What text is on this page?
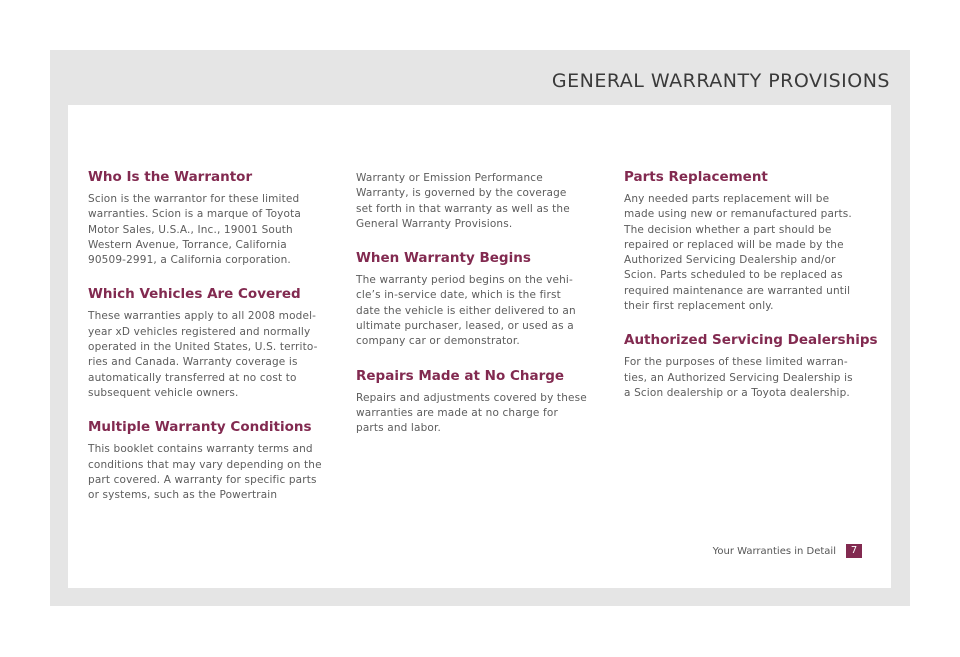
GENERAL WARRANTY PROVISIONS
Who Is the Warrantor

Scion is the warrantor for these limited
warranties. Scion is a marque of Toyota
Motor Sales, U.S.A., Inc., 19001 South
Western Avenue, Torrance, California
90509-2991, a California corporation.

Which Vehicles Are Covered

These warranties apply to all 2008 model-
year xD vehicles registered and normally
operated in the United States, U.S. territo-
ries and Canada. Warranty coverage is
automatically transferred at no cost to
subsequent vehicle owners.

Multiple Warranty Conditions

This booklet contains warranty terms and
conditions that may vary depending on the
part covered. A warranty for specific parts
or systems, such as the Powertrain

Warranty or Emission Performance
Warranty, is governed by the coverage
set forth in that warranty as well as the
General Warranty Provisions.

When Warranty Begins

The warranty period begins on the vehi-
cle’s in-service date, which is the first
date the vehicle is either delivered to an
ultimate purchaser, leased, or used as a
company car or demonstrator.

Repairs Made at No Charge

Repairs and adjustments covered by these
warranties are made at no charge for
parts and labor.

Parts Replacement

Any needed parts replacement will be
made using new or remanufactured parts.
The decision whether a part should be
repaired or replaced will be made by the
Authorized Servicing Dealership and/or
Scion. Parts scheduled to be replaced as
required maintenance are warranted until
their first replacement only.

Authorized Servicing Dealerships

For the purposes of these limited warran-
ties, an Authorized Servicing Dealership is
a Scion dealership or a Toyota dealership.

Your Warranties in Detail	7
